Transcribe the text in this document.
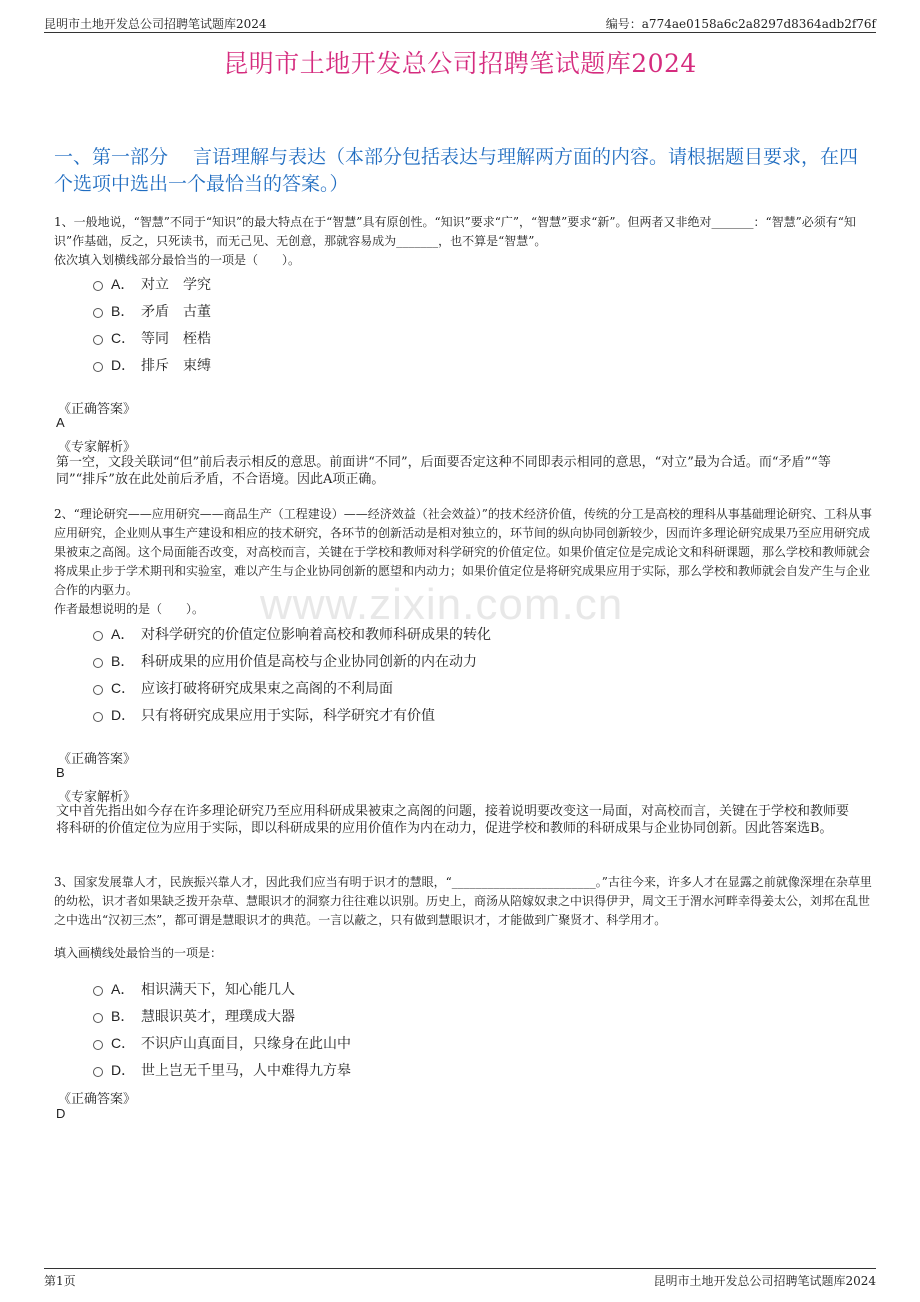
昆明市土地开发总公司招聘笔试题库2024	编号：a774ae0158a6c2a8297d8364adb2f76f
昆明市土地开发总公司招聘笔试题库2024
一、第一部分　 言语理解与表达（本部分包括表达与理解两方面的内容。请根据题目要求，在四个选项中选出一个最恰当的答案。）
www.zixin.com.cn
1、一般地说，“智慧”不同于“知识”的最大特点在于“智慧”具有原创性。“知识”要求“广”，“智慧”要求“新”。但两者又非绝对_______：“智慧”必须有“知识”作基础，反之，只死读书，而无己见、无创意，那就容易成为_______，也不算是“智慧”。
依次填入划横线部分最恰当的一项是（　　）。
A． 对立　学究
B． 矛盾　古董
C． 等同　桎梏
D． 排斥　束缚
《正确答案》
A
《专家解析》
第一空，文段关联词“但”前后表示相反的意思。前面讲“不同”，后面要否定这种不同即表示相同的意思，“对立”最为合适。而“矛盾”“等同”“排斥”放在此处前后矛盾，不合语境。因此A项正确。
2、“理论研究——应用研究——商品生产（工程建设）——经济效益（社会效益）”的技术经济价值，传统的分工是高校的理科从事基础理论研究、工科从事应用研究，企业则从事生产建设和相应的技术研究，各环节的创新活动是相对独立的，环节间的纵向协同创新较少，因而许多理论研究成果乃至应用研究成果被束之高阁。这个局面能否改变，对高校而言，关键在于学校和教师对科学研究的价值定位。如果价值定位是完成论文和科研课题，那么学校和教师就会将成果止步于学术期刊和实验室，难以产生与企业协同创新的愿望和内动力；如果价值定位是将研究成果应用于实际，那么学校和教师就会自发产生与企业合作的内驱力。
作者最想说明的是（　　）。
A． 对科学研究的价值定位影响着高校和教师科研成果的转化
B． 科研成果的应用价值是高校与企业协同创新的内在动力
C． 应该打破将研究成果束之高阁的不利局面
D． 只有将研究成果应用于实际，科学研究才有价值
《正确答案》
B
《专家解析》
文中首先指出如今存在许多理论研究乃至应用科研成果被束之高阁的问题，接着说明要改变这一局面，对高校而言，关键在于学校和教师要将科研的价值定位为应用于实际，即以科研成果的应用价值作为内在动力，促进学校和教师的科研成果与企业协同创新。因此答案选B。
3、国家发展靠人才，民族振兴靠人才，因此我们应当有明于识才的慧眼，“________________________。”古往今来，许多人才在显露之前就像深埋在杂草里的幼松，识才者如果缺乏拨开杂草、慧眼识才的洞察力往往难以识别。历史上，商汤从陪嫁奴隶之中识得伊尹，周文王于渭水河畔幸得姜太公，刘邦在乱世之中选出“汉初三杰”，都可谓是慧眼识才的典范。一言以蔽之，只有做到慧眼识才，才能做到广聚贤才、科学用才。
填入画横线处最恰当的一项是：
A． 相识满天下，知心能几人
B． 慧眼识英才，理璞成大器
C． 不识庐山真面目，只缘身在此山中
D． 世上岂无千里马，人中难得九方皋
《正确答案》
D
第1页	昆明市土地开发总公司招聘笔试题库2024
